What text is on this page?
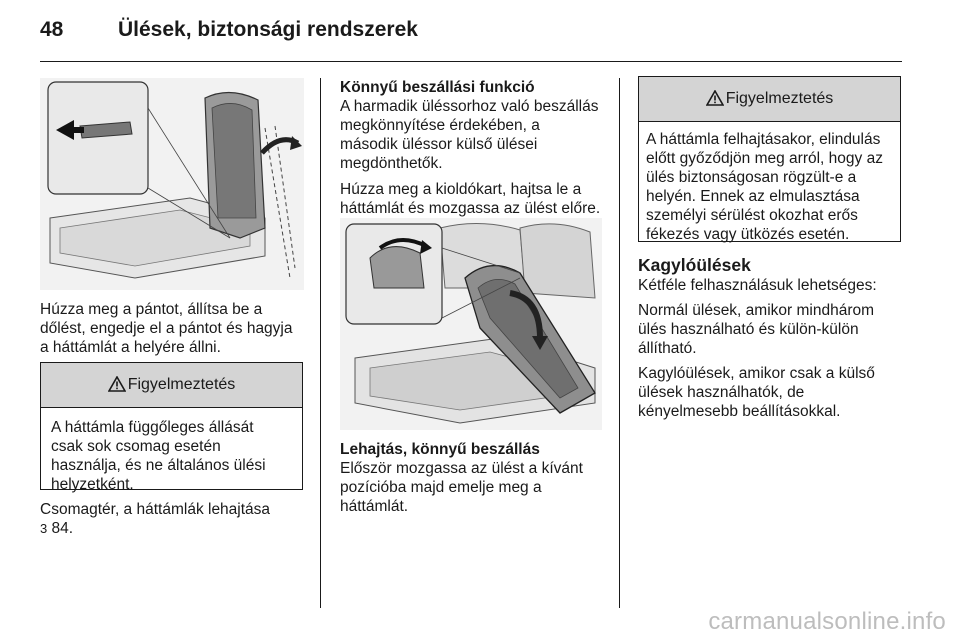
48	Ülések, biztonsági rendszerek

Húzza meg a pántot, állítsa be a

dőlést, engedje el a pántot és hagyja

a háttámlát a helyére állni.

Figyelmeztetés
A háttámla függőleges állását
csak sok csomag esetén
használja, és ne általános ülési
helyzetként.

Csomagtér, a háttámlák lehajtása

3 84.

Könnyű beszállási funkció

A harmadik üléssorhoz való beszállás

megkönnyítése érdekében, a

második üléssor külső ülései

megdönthetők.

Húzza meg a kioldókart, hajtsa le a

háttámlát és mozgassa az ülést előre.

Lehajtás, könnyű beszállás

Először mozgassa az ülést a kívánt

pozícióba majd emelje meg a

háttámlát.

Figyelmeztetés
A háttámla felhajtásakor, elindulás
előtt győződjön meg arról, hogy az
ülés biztonságosan rögzült-e a
helyén. Ennek az elmulasztása
személyi sérülést okozhat erős
fékezés vagy ütközés esetén.

Kagylóülések

Kétféle felhasználásuk lehetséges:

Normál ülések, amikor mindhárom

ülés használható és külön-külön

állítható.

Kagylóülések, amikor csak a külső

ülések használhatók, de

kényelmesebb beállításokkal.

carmanualsonline.info
